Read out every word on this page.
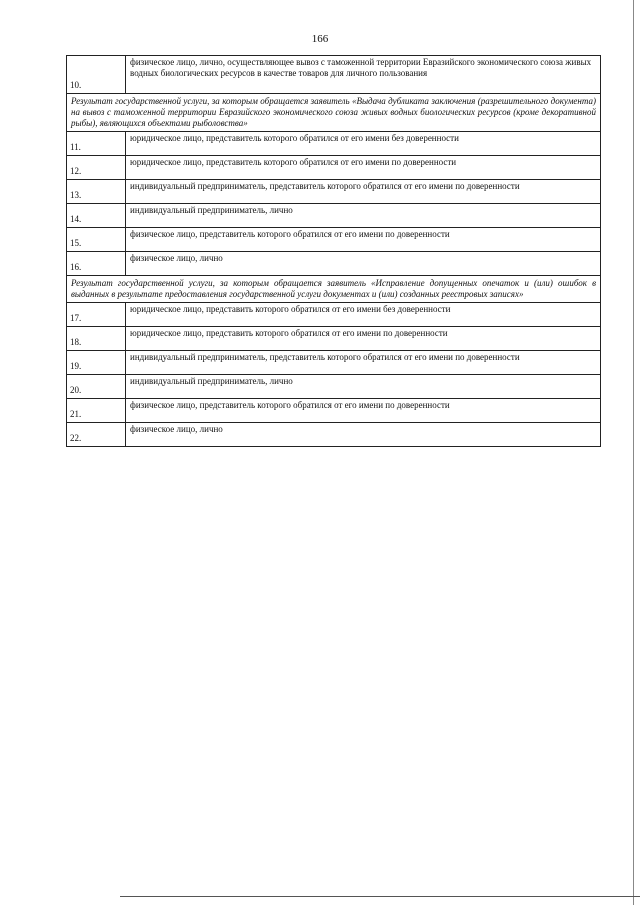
166
10.	физическое лицо, лично, осуществляющее вывоз с таможенной территории Евразийского экономического союза живых водных биологических ресурсов в качестве товаров для личного пользования
Результат государственной услуги, за которым обращается заявитель «Выдача дубликата заключения (разрешительного документа) на вывоз с таможенной территории Евразийского экономического союза живых водных биологических ресурсов (кроме декоративной рыбы), являющихся объектами рыболовства»	
11.	юридическое лицо, представитель которого обратился от его имени без доверенности
12.	юридическое лицо, представитель которого обратился от его имени по доверенности
13.	индивидуальный предприниматель, представитель которого обратился от его имени по доверенности
14.	индивидуальный предприниматель, лично
15.	физическое лицо, представитель которого обратился от его имени по доверенности
16.	физическое лицо, лично
Результат государственной услуги, за которым обращается заявитель «Исправление допущенных опечаток и (или) ошибок в выданных в результате предоставления государственной услуги документах и (или) созданных реестровых записях»	
17.	юридическое лицо, представить которого обратился от его имени без доверенности
18.	юридическое лицо, представить которого обратился от его имени по доверенности
19.	индивидуальный предприниматель, представитель которого обратился от его имени по доверенности
20.	индивидуальный предприниматель, лично
21.	физическое лицо, представитель которого обратился от его имени по доверенности
22.	физическое лицо, лично
